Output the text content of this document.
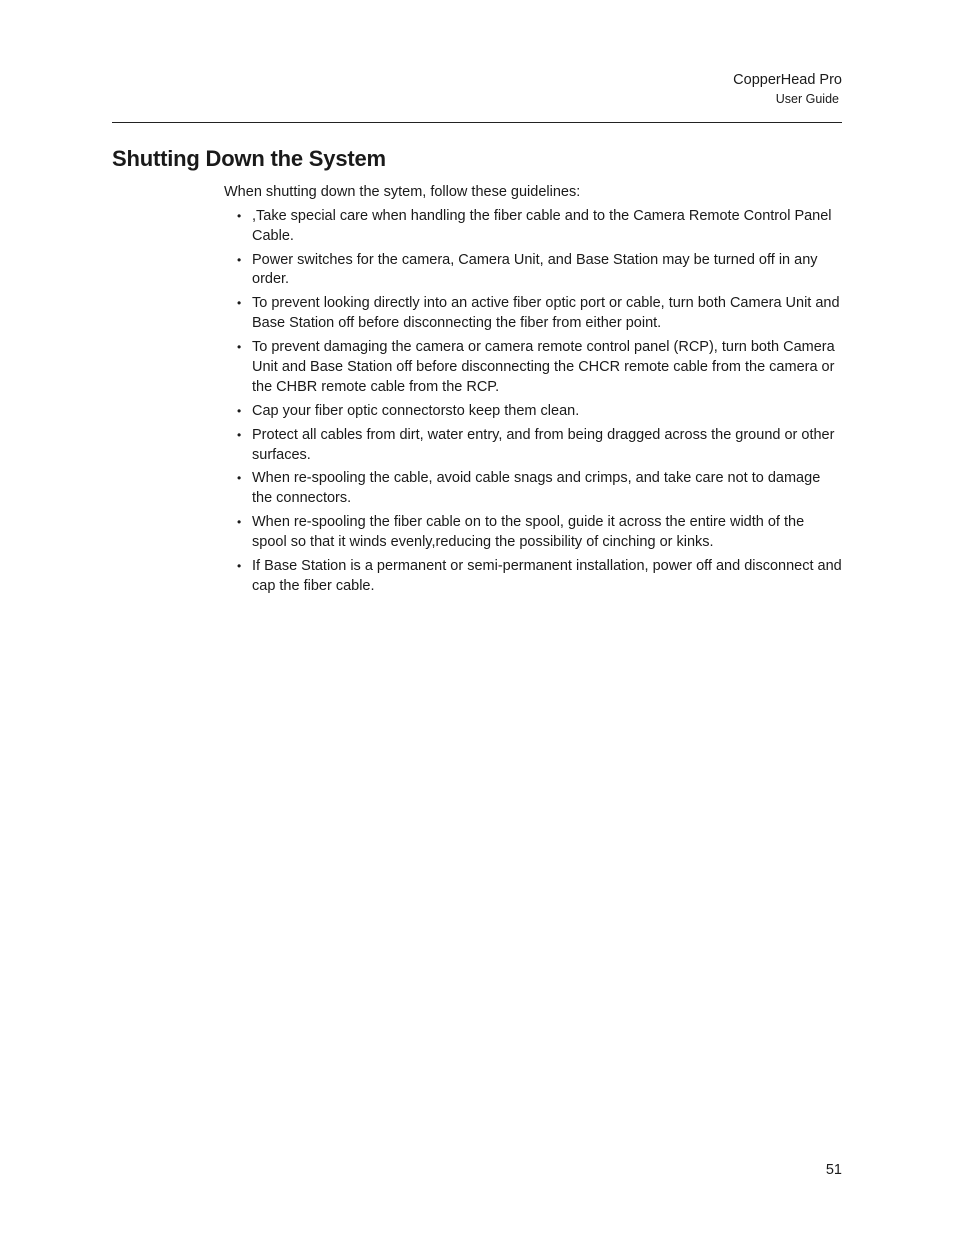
CopperHead Pro
User Guide
Shutting Down the System

When shutting down the sytem, follow these guidelines:

• ,Take special care when handling the fiber cable and to the Camera Remote Control Panel Cable.
• Power switches for the camera, Camera Unit, and Base Station may be turned off in any order.
• To prevent looking directly into an active fiber optic port or cable, turn both Camera Unit and Base Station off before disconnecting the fiber from either point.
• To prevent damaging the camera or camera remote control panel (RCP), turn both Camera Unit and Base Station off before disconnecting the CHCR remote cable from the camera or the CHBR remote cable from the RCP.
• Cap your fiber optic connectorsto keep them clean.
• Protect all cables from dirt, water entry, and from being dragged across the ground or other surfaces.
• When re-spooling the cable, avoid cable snags and crimps, and take care not to damage the connectors.
• When re-spooling the fiber cable on to the spool, guide it across the entire width of the spool so that it winds evenly,reducing the possibility of cinching or kinks.
• If Base Station is a permanent or semi-permanent installation, power off and disconnect and cap the fiber cable.
51
